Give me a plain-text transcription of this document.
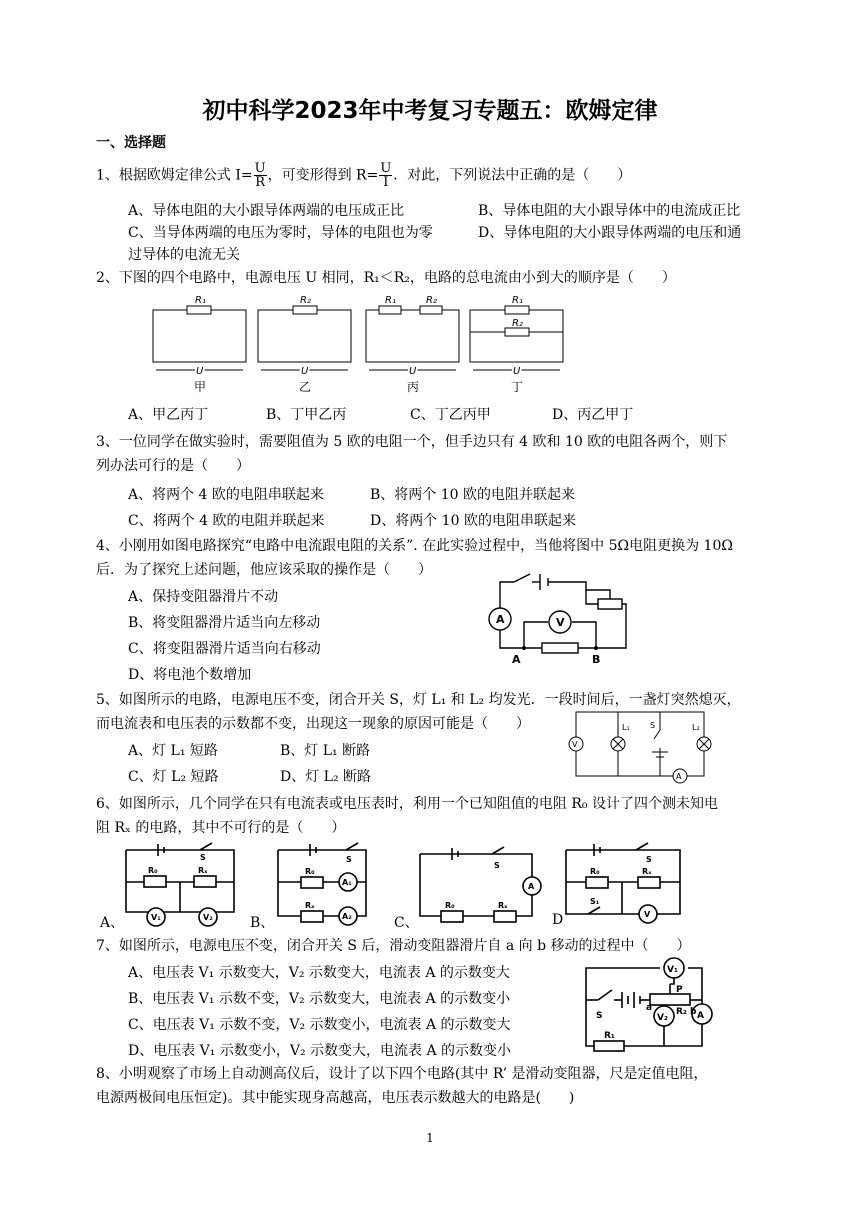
初中科学2023年中考复习专题五：欧姆定律
一、选择题
1、根据欧姆定律公式 $I= \frac{U}{R}$ ，可变形得到 $R= \frac{U}{I}$ ．对此，下列说法中正确的是（　　）
A、导体电阻的大小跟导体两端的电压成正比	B、导体电阻的大小跟导体中的电流成正比
C、当导体两端的电压为零时，导体的电阻也为零	D、导体电阻的大小跟导体两端的电压和通
过导体的电流无关
2、下图的四个电路中，电源电压 U 相同，R₁＜R₂，电路的总电流由小到大的顺序是（　　）
R₁	R₂	R₁	R₂	R₁
R₂
U	U	U	U
甲	乙	丙	丁
A、甲乙丙丁	B、丁甲乙丙	C、丁乙丙甲	D、丙乙甲丁
3、一位同学在做实验时，需要阻值为 5 欧的电阻一个，但手边只有 4 欧和 10 欧的电阻各两个，则下
列办法可行的是（　　）
A、将两个 4 欧的电阻串联起来	B、将两个 10 欧的电阻并联起来
C、将两个 4 欧的电阻并联起来	D、将两个 10 欧的电阻串联起来
4、小刚用如图电路探究“电路中电流跟电阻的关系”. 在此实验过程中，当他将图中 5Ω电阻更换为 10Ω
后．为了探究上述问题，他应该采取的操作是（　　）
A、保持变阻器滑片不动
B、将变阻器滑片适当向左移动
C、将变阻器滑片适当向右移动
D、将电池个数增加
A	V
A	B
5、如图所示的电路，电源电压不变，闭合开关 S，灯 L₁ 和 L₂ 均发光．一段时间后，一盏灯突然熄灭，
而电流表和电压表的示数都不变，出现这一现象的原因可能是（　　）
A、灯 L₁ 短路	B、灯 L₁ 断路
C、灯 L₂ 短路	D、灯 L₂ 断路
V
L₁	S	L₂
A
6、如图所示，几个同学在只有电流表或电压表时，利用一个已知阻值的电阻 R₀ 设计了四个测未知电
阻 Rₓ 的电路，其中不可行的是（　　）
R₀	Rₓ
S
V₁	V₂
R₀
Rₓ
S
A₁
A₂
R₀	Rₓ
S
A
R₀	Rₓ
S
S₁
V
A、	B、	C、	D
7、如图所示，电源电压不变，闭合开关 S 后，滑动变阻器滑片自 a 向 b 移动的过程中（　　）
A、电压表 V₁ 示数变大，V₂ 示数变大，电流表 A 的示数变大
B、电压表 V₁ 示数不变，V₂ 示数变大，电流表 A 的示数变小
C、电压表 V₁ 示数不变，V₂ 示数变小，电流表 A 的示数变大
D、电压表 V₁ 示数变小，V₂ 示数变大，电流表 A 的示数变小
V₁
V₂	A
S
P
a	b
R₂
R₁
8、小明观察了市场上自动测高仪后，设计了以下四个电路(其中 R’ 是滑动变阻器，尺是定值电阻，
电源两极间电压恒定)。其中能实现身高越高，电压表示数越大的电路是(　　)
1
